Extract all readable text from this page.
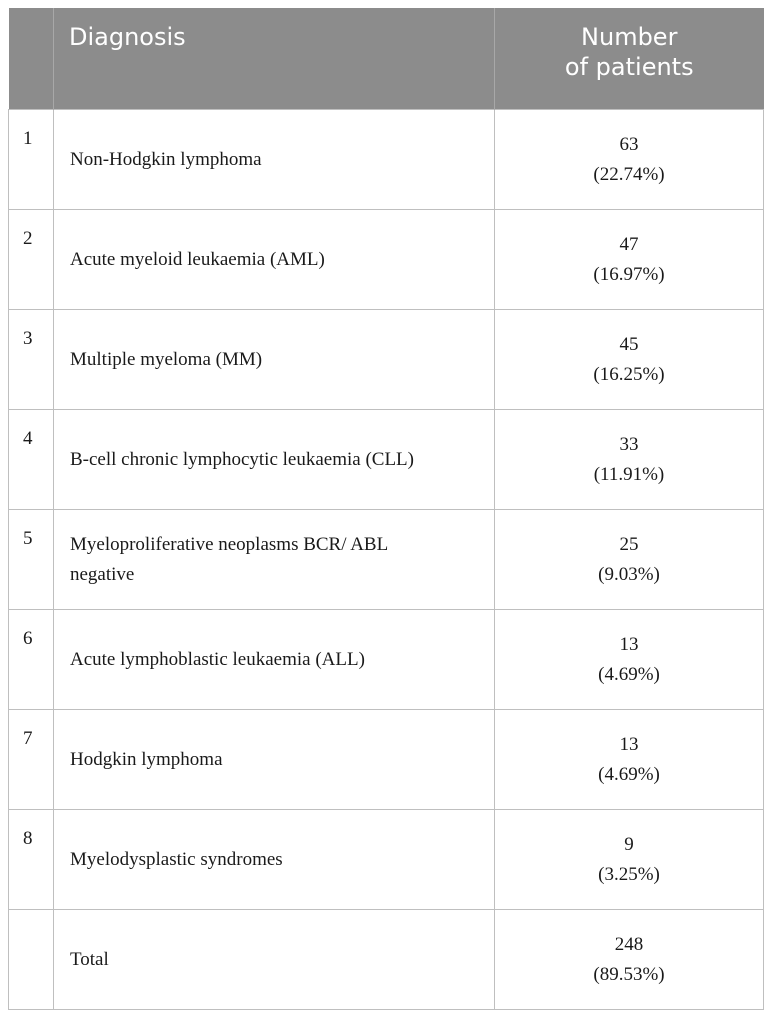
	Diagnosis	Number
of patients

1	Non-Hodgkin lymphoma	63
(22.74%)

2	Acute myeloid leukaemia (AML)	47
(16.97%)

3	Multiple myeloma (MM)	45
(16.25%)

4	B-cell chronic lymphocytic leukaemia (CLL)	33
(11.91%)

5	Myeloproliferative neoplasms BCR/ ABL negative	25
(9.03%)

6	Acute lymphoblastic leukaemia (ALL)	13
(4.69%)

7	Hodgkin lymphoma	13
(4.69%)

8	Myelodysplastic syndromes	9
(3.25%)

	Total	248
(89.53%)
